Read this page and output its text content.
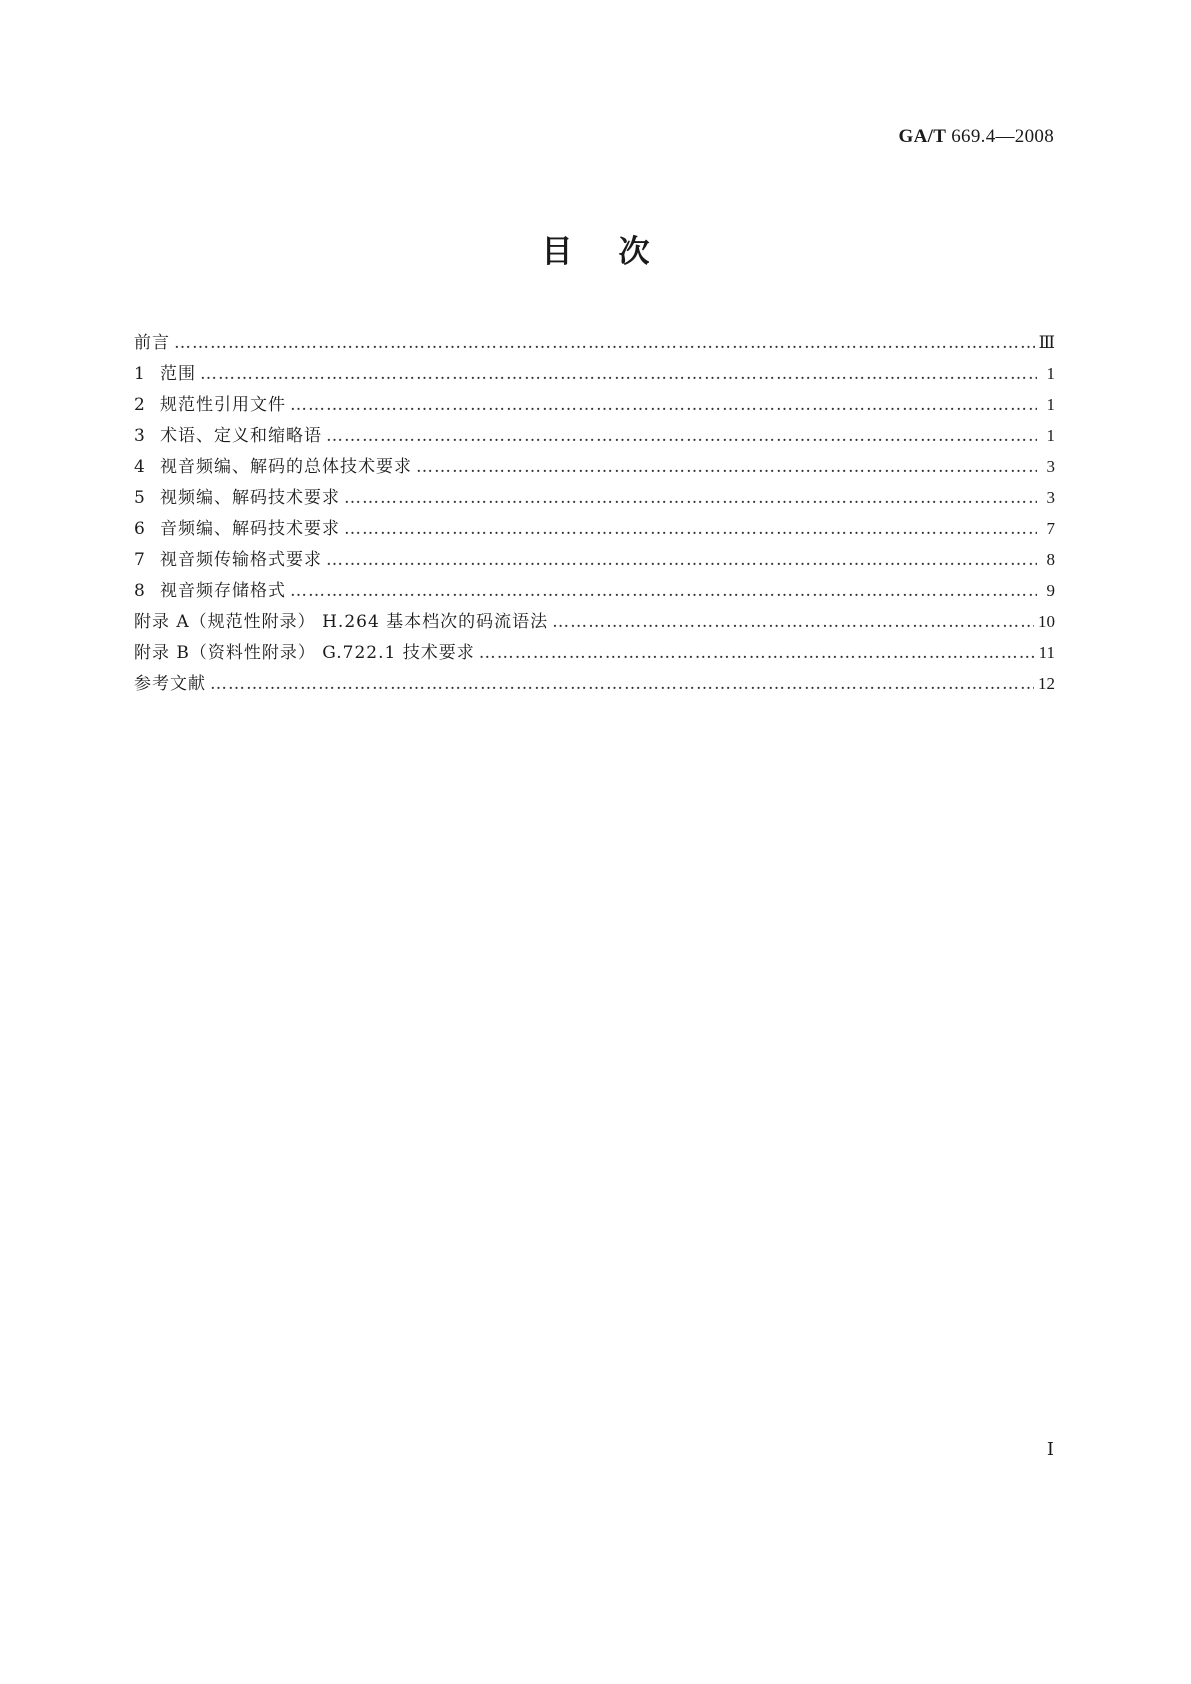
GA/T 669.4—2008
目次
前言 …………………………………………………………………………………………………………………………………………………………………………………………………………………………………	Ⅲ
1 范围 …………………………………………………………………………………………………………………………………………………………………………………………………………………………………	1
2 规范性引用文件 …………………………………………………………………………………………………………………………………………………………………………………………………………………………………	1
3 术语、定义和缩略语 …………………………………………………………………………………………………………………………………………………………………………………………………………………………………	1
4 视音频编、解码的总体技术要求 …………………………………………………………………………………………………………………………………………………………………………………………………………………………………	3
5 视频编、解码技术要求 …………………………………………………………………………………………………………………………………………………………………………………………………………………………………	3
6 音频编、解码技术要求 …………………………………………………………………………………………………………………………………………………………………………………………………………………………………	7
7 视音频传输格式要求 …………………………………………………………………………………………………………………………………………………………………………………………………………………………………	8
8 视音频存储格式 …………………………………………………………………………………………………………………………………………………………………………………………………………………………………	9
附录 A（规范性附录） H.264 基本档次的码流语法 …………………………………………………………………………………………………………………………………………………………………………………………………………………………………	10
附录 B（资料性附录） G.722.1 技术要求 …………………………………………………………………………………………………………………………………………………………………………………………………………………………………	11
参考文献 …………………………………………………………………………………………………………………………………………………………………………………………………………………………………	12
Ⅰ
